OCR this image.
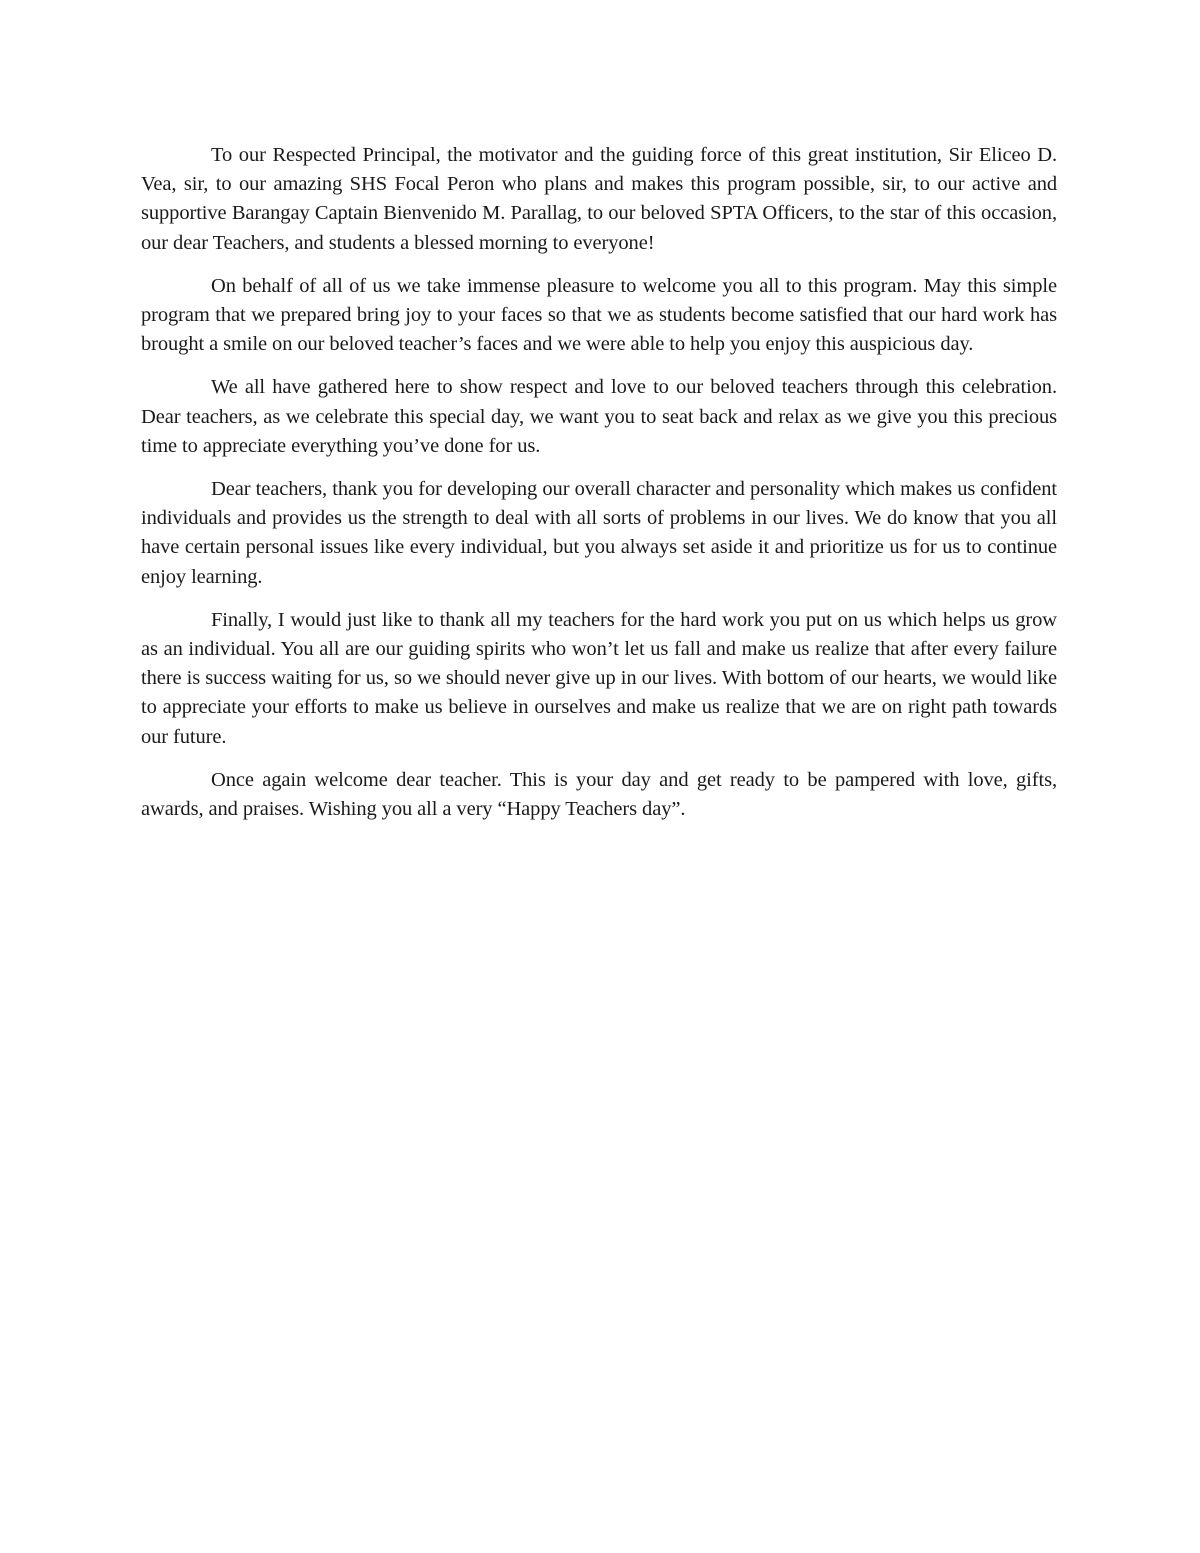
To our Respected Principal, the motivator and the guiding force of this great institution, Sir Eliceo D. Vea, sir, to our amazing SHS Focal Peron who plans and makes this program possible, sir, to our active and supportive Barangay Captain Bienvenido M. Parallag, to our beloved SPTA Officers, to the star of this occasion, our dear Teachers, and students a blessed morning to everyone!

On behalf of all of us we take immense pleasure to welcome you all to this program. May this simple program that we prepared bring joy to your faces so that we as students become satisfied that our hard work has brought a smile on our beloved teacher’s faces and we were able to help you enjoy this auspicious day.

We all have gathered here to show respect and love to our beloved teachers through this celebration. Dear teachers, as we celebrate this special day, we want you to seat back and relax as we give you this precious time to appreciate everything you’ve done for us.

Dear teachers, thank you for developing our overall character and personality which makes us confident individuals and provides us the strength to deal with all sorts of problems in our lives. We do know that you all have certain personal issues like every individual, but you always set aside it and prioritize us for us to continue enjoy learning.

Finally, I would just like to thank all my teachers for the hard work you put on us which helps us grow as an individual. You all are our guiding spirits who won’t let us fall and make us realize that after every failure there is success waiting for us, so we should never give up in our lives. With bottom of our hearts, we would like to appreciate your efforts to make us believe in ourselves and make us realize that we are on right path towards our future.

Once again welcome dear teacher. This is your day and get ready to be pampered with love, gifts, awards, and praises. Wishing you all a very “Happy Teachers day”.
